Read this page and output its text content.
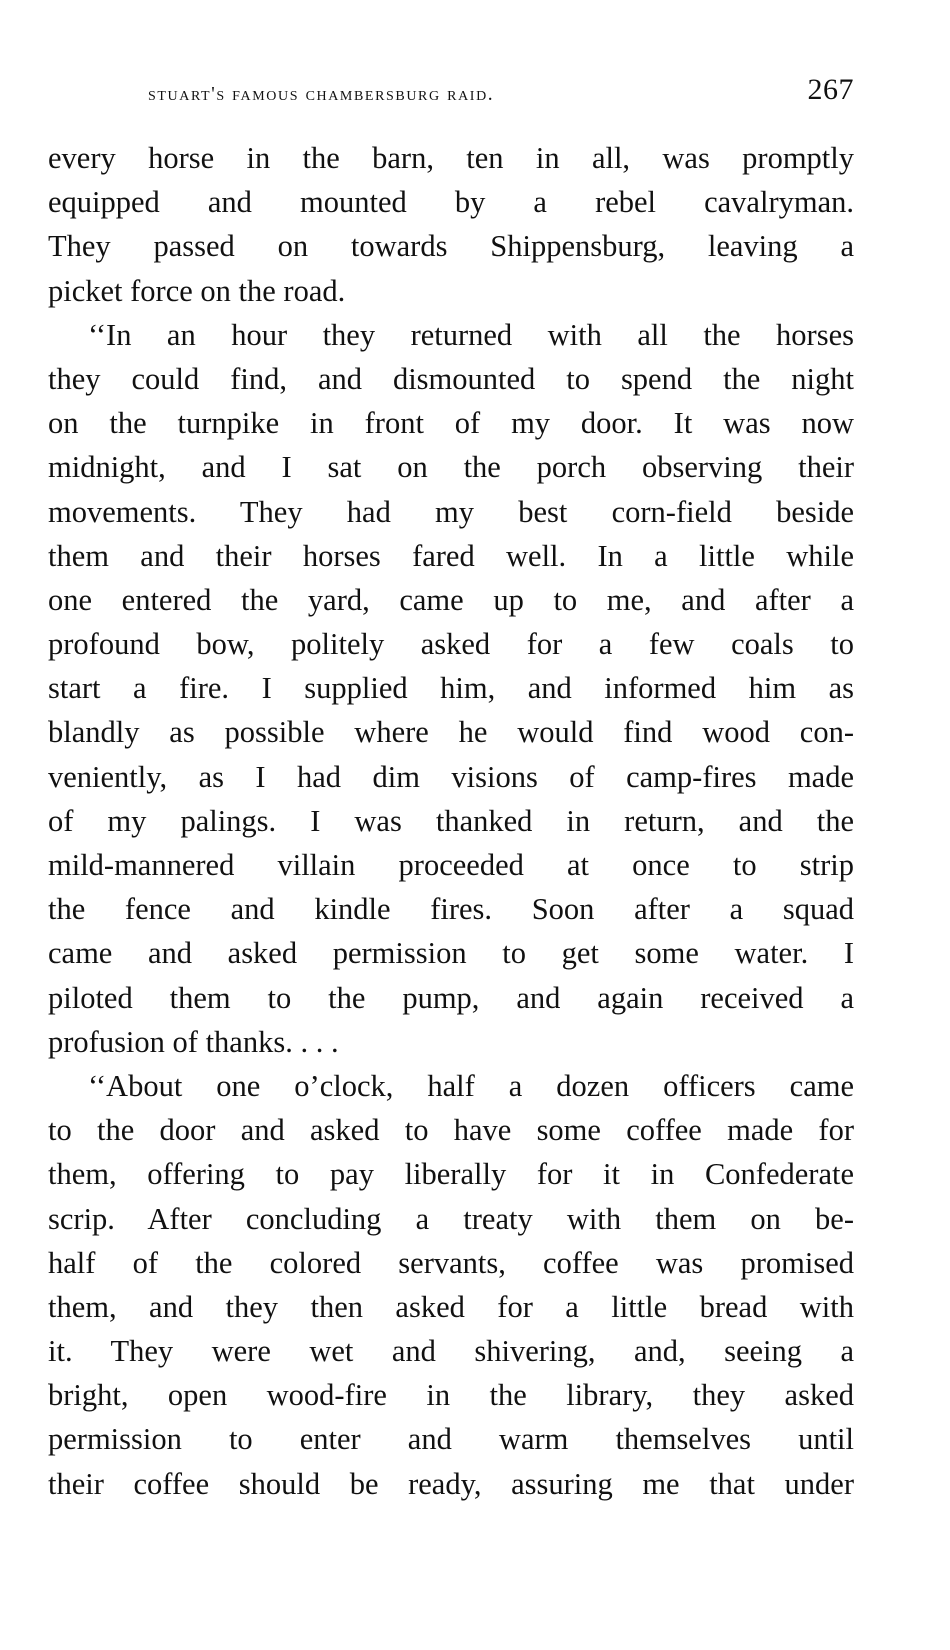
stuart's famous chambersburg raid.	267
every horse in the barn, ten in all, was promptly
equipped and mounted by a rebel cavalryman.
They passed on towards Shippensburg, leaving a
picket force on the road.
‘‘In an hour they returned with all the horses
they could find, and dismounted to spend the night
on the turnpike in front of my door. It was now
midnight, and I sat on the porch observing their
movements. They had my best corn-field beside
them and their horses fared well. In a little while
one entered the yard, came up to me, and after a
profound bow, politely asked for a few coals to
start a fire. I supplied him, and informed him as
blandly as possible where he would find wood con-
veniently, as I had dim visions of camp-fires made
of my palings. I was thanked in return, and the
mild-mannered villain proceeded at once to strip
the fence and kindle fires. Soon after a squad
came and asked permission to get some water. I
piloted them to the pump, and again received a
profusion of thanks. . . .
‘‘About one o’clock, half a dozen officers came
to the door and asked to have some coffee made for
them, offering to pay liberally for it in Confederate
scrip. After concluding a treaty with them on be-
half of the colored servants, coffee was promised
them, and they then asked for a little bread with
it. They were wet and shivering, and, seeing a
bright, open wood-fire in the library, they asked
permission to enter and warm themselves until
their coffee should be ready, assuring me that under
